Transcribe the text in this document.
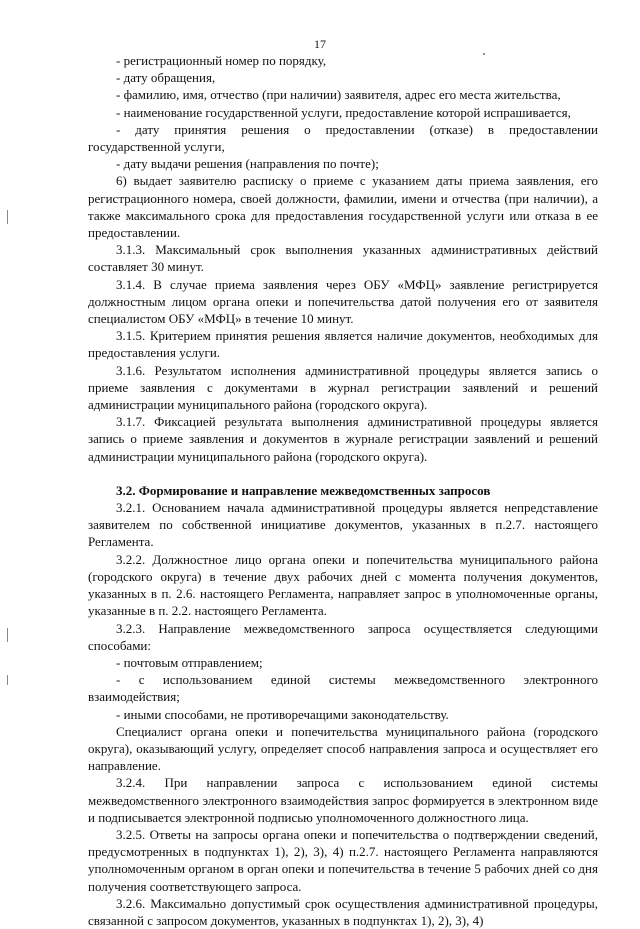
17

- регистрационный номер по порядку,

- дату обращения,

- фамилию, имя, отчество (при наличии) заявителя, адрес его места жительства,

- наименование государственной услуги, предоставление которой испрашивается,

- дату принятия решения о предоставлении (отказе) в предоставлении государственной услуги,

- дату выдачи решения (направления по почте);

6) выдает заявителю расписку о приеме с указанием даты приема заявления, его регистрационного номера, своей должности, фамилии, имени и отчества (при наличии), а также максимального срока для предоставления государственной услуги или отказа в ее предоставлении.

3.1.3. Максимальный срок выполнения указанных административных действий составляет 30 минут.

3.1.4. В случае приема заявления через ОБУ «МФЦ» заявление регистрируется должностным лицом органа опеки и попечительства датой получения его от заявителя специалистом ОБУ «МФЦ» в течение 10 минут.

3.1.5. Критерием принятия решения является наличие документов, необходимых для предоставления услуги.

3.1.6. Результатом исполнения административной процедуры является запись о приеме заявления с документами в журнал регистрации заявлений и решений администрации муниципального района (городского округа).

3.1.7. Фиксацией результата выполнения административной процедуры является запись о приеме заявления и документов в журнале регистрации заявлений и решений администрации муниципального района (городского округа).

3.2. Формирование и направление межведомственных запросов

3.2.1. Основанием начала административной процедуры является непредставление заявителем по собственной инициативе документов, указанных в п.2.7. настоящего Регламента.

3.2.2. Должностное лицо органа опеки и попечительства муниципального района (городского округа) в течение двух рабочих дней с момента получения документов, указанных в п. 2.6. настоящего Регламента, направляет запрос в уполномоченные органы, указанные в п. 2.2. настоящего Регламента.

3.2.3. Направление межведомственного запроса осуществляется следующими способами:

- почтовым отправлением;

- с использованием единой системы межведомственного электронного взаимодействия;

- иными способами, не противоречащими законодательству.

Специалист органа опеки и попечительства муниципального района (городского округа), оказывающий услугу, определяет способ направления запроса и осуществляет его направление.

3.2.4. При направлении запроса с использованием единой системы межведомственного электронного взаимодействия запрос формируется в электронном виде и подписывается электронной подписью уполномоченного должностного лица.

3.2.5. Ответы на запросы органа опеки и попечительства о подтверждении сведений, предусмотренных в подпунктах 1), 2), 3), 4) п.2.7. настоящего Регламента направляются уполномоченным органом в орган опеки и попечительства в течение 5 рабочих дней со дня получения соответствующего запроса.

3.2.6. Максимально допустимый срок осуществления административной процедуры, связанной с запросом документов, указанных в подпунктах 1), 2), 3), 4)
